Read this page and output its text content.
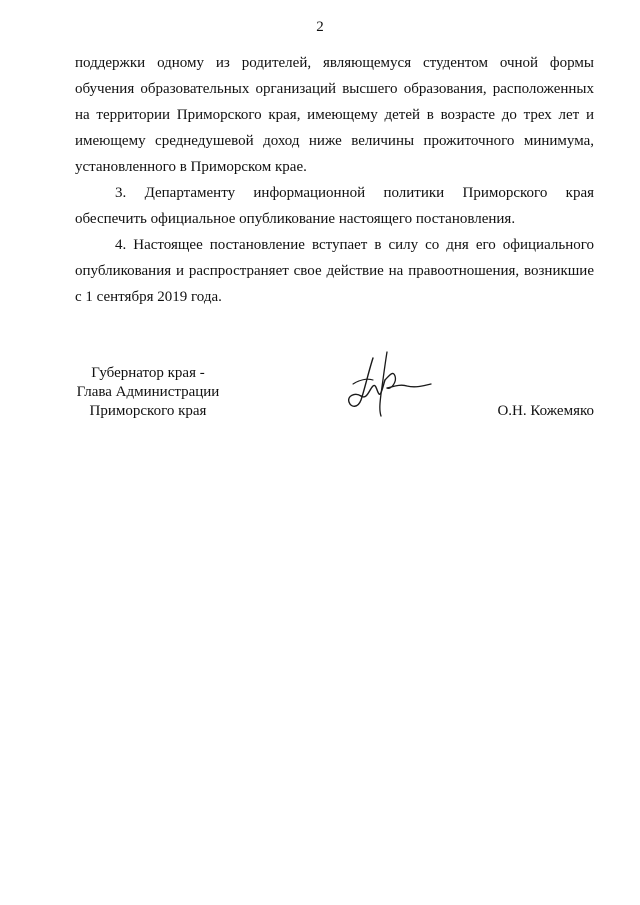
2

поддержки одному из родителей, являющемуся студентом очной формы обучения образовательных организаций высшего образования, расположенных на территории Приморского края, имеющему детей в возрасте до трех лет и имеющему среднедушевой доход ниже величины прожиточного минимума, установленного в Приморском крае.

3. Департаменту информационной политики Приморского края обеспечить официальное опубликование настоящего постановления.

4. Настоящее постановление вступает в силу со дня его официального опубликования и распространяет свое действие на правоотношения, возникшие с 1 сентября 2019 года.

Губернатор края -
Глава Администрации
Приморского края	О.Н. Кожемяко
